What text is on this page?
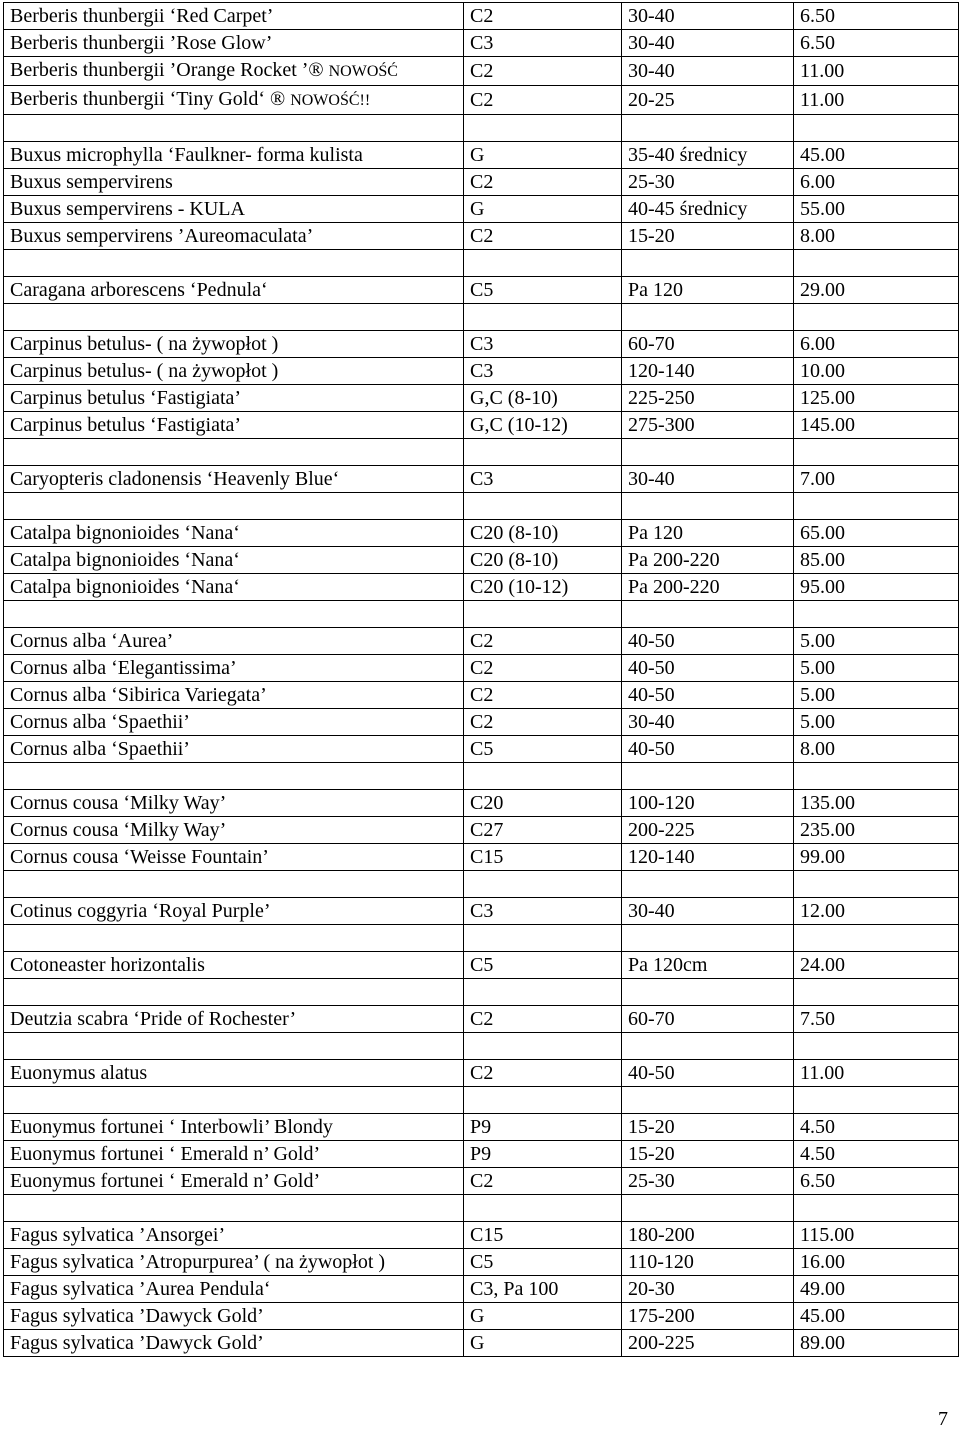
Berberis thunbergii ‘Red Carpet’	C2	30-40	6.50
Berberis thunbergii ’Rose Glow’	C3	30-40	6.50
Berberis thunbergii ’Orange Rocket ’® NOWOŚĆ	C2	30-40	11.00
Berberis thunbergii ‘Tiny Gold‘ ® NOWOŚĆ!!	C2	20-25	11.00

Buxus microphylla ‘Faulkner- forma kulista	G	35-40 średnicy	45.00
Buxus sempervirens	C2	25-30	6.00
Buxus sempervirens - KULA	G	40-45 średnicy	55.00
Buxus sempervirens ’Aureomaculata’	C2	15-20	8.00

Caragana arborescens ‘Pednula‘	C5	Pa 120	29.00

Carpinus betulus- ( na żywopłot )	C3	60-70	6.00
Carpinus betulus- ( na żywopłot )	C3	120-140	10.00
Carpinus betulus ‘Fastigiata’	G,C (8-10)	225-250	125.00
Carpinus betulus ‘Fastigiata’	G,C (10-12)	275-300	145.00

Caryopteris cladonensis ‘Heavenly Blue‘	C3	30-40	7.00

Catalpa bignonioides ‘Nana‘	C20 (8-10)	Pa 120	65.00
Catalpa bignonioides ‘Nana‘	C20 (8-10)	Pa 200-220	85.00
Catalpa bignonioides ‘Nana‘	C20 (10-12)	Pa 200-220	95.00

Cornus alba ‘Aurea’	C2	40-50	5.00
Cornus alba ‘Elegantissima’	C2	40-50	5.00
Cornus alba ‘Sibirica Variegata’	C2	40-50	5.00
Cornus alba ‘Spaethii’	C2	30-40	5.00
Cornus alba ‘Spaethii’	C5	40-50	8.00

Cornus cousa ‘Milky Way’	C20	100-120	135.00
Cornus cousa ‘Milky Way’	C27	200-225	235.00
Cornus cousa ‘Weisse Fountain’	C15	120-140	99.00

Cotinus coggyria ‘Royal Purple’	C3	30-40	12.00

Cotoneaster horizontalis	C5	Pa 120cm	24.00

Deutzia scabra ‘Pride of Rochester’	C2	60-70	7.50

Euonymus alatus	C2	40-50	11.00

Euonymus fortunei ‘ Interbowli’ Blondy	P9	15-20	4.50
Euonymus fortunei ‘ Emerald n’ Gold’	P9	15-20	4.50
Euonymus fortunei ‘ Emerald n’ Gold’	C2	25-30	6.50

Fagus sylvatica ’Ansorgei’	C15	180-200	115.00
Fagus sylvatica ’Atropurpurea’ ( na żywopłot )	C5	110-120	16.00
Fagus sylvatica ’Aurea Pendula‘	C3, Pa 100	20-30	49.00
Fagus sylvatica ’Dawyck Gold’	G	175-200	45.00
Fagus sylvatica ’Dawyck Gold’	G	200-225	89.00
7
